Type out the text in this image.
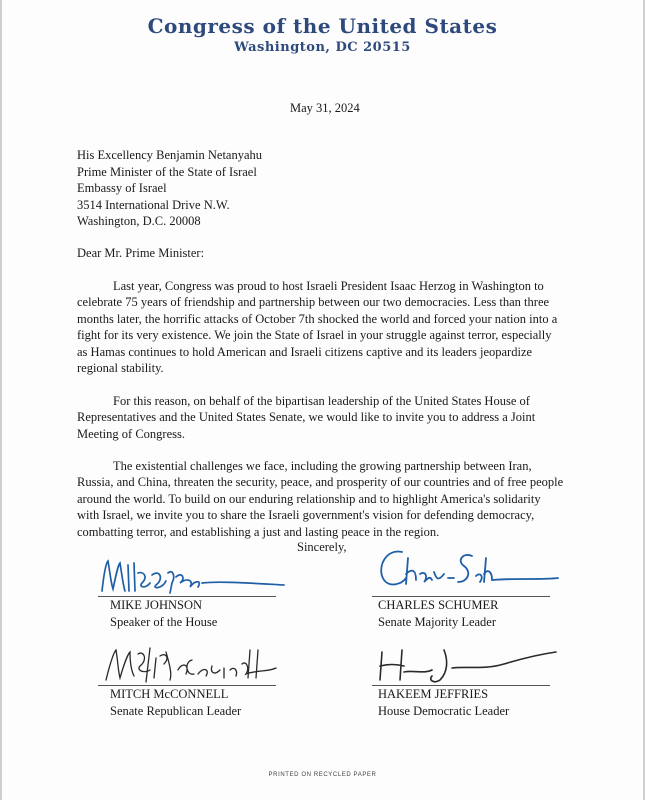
Congress of the United States
Washington, DC 20515
May 31, 2024
His Excellency Benjamin Netanyahu
Prime Minister of the State of Israel
Embassy of Israel
3514 International Drive N.W.
Washington, D.C. 20008
Dear Mr. Prime Minister:
Last year, Congress was proud to host Israeli President Isaac Herzog in Washington to celebrate 75 years of friendship and partnership between our two democracies. Less than three months later, the horrific attacks of October 7th shocked the world and forced your nation into a fight for its very existence. We join the State of Israel in your struggle against terror, especially as Hamas continues to hold American and Israeli citizens captive and its leaders jeopardize regional stability.
For this reason, on behalf of the bipartisan leadership of the United States House of Representatives and the United States Senate, we would like to invite you to address a Joint Meeting of Congress.
The existential challenges we face, including the growing partnership between Iran, Russia, and China, threaten the security, peace, and prosperity of our countries and of free people around the world. To build on our enduring relationship and to highlight America's solidarity with Israel, we invite you to share the Israeli government's vision for defending democracy, combatting terror, and establishing a just and lasting peace in the region.
Sincerely,
MIKE JOHNSON
Speaker of the House
CHARLES SCHUMER
Senate Majority Leader
MITCH McCONNELL
Senate Republican Leader
HAKEEM JEFFRIES
House Democratic Leader
PRINTED ON RECYCLED PAPER
